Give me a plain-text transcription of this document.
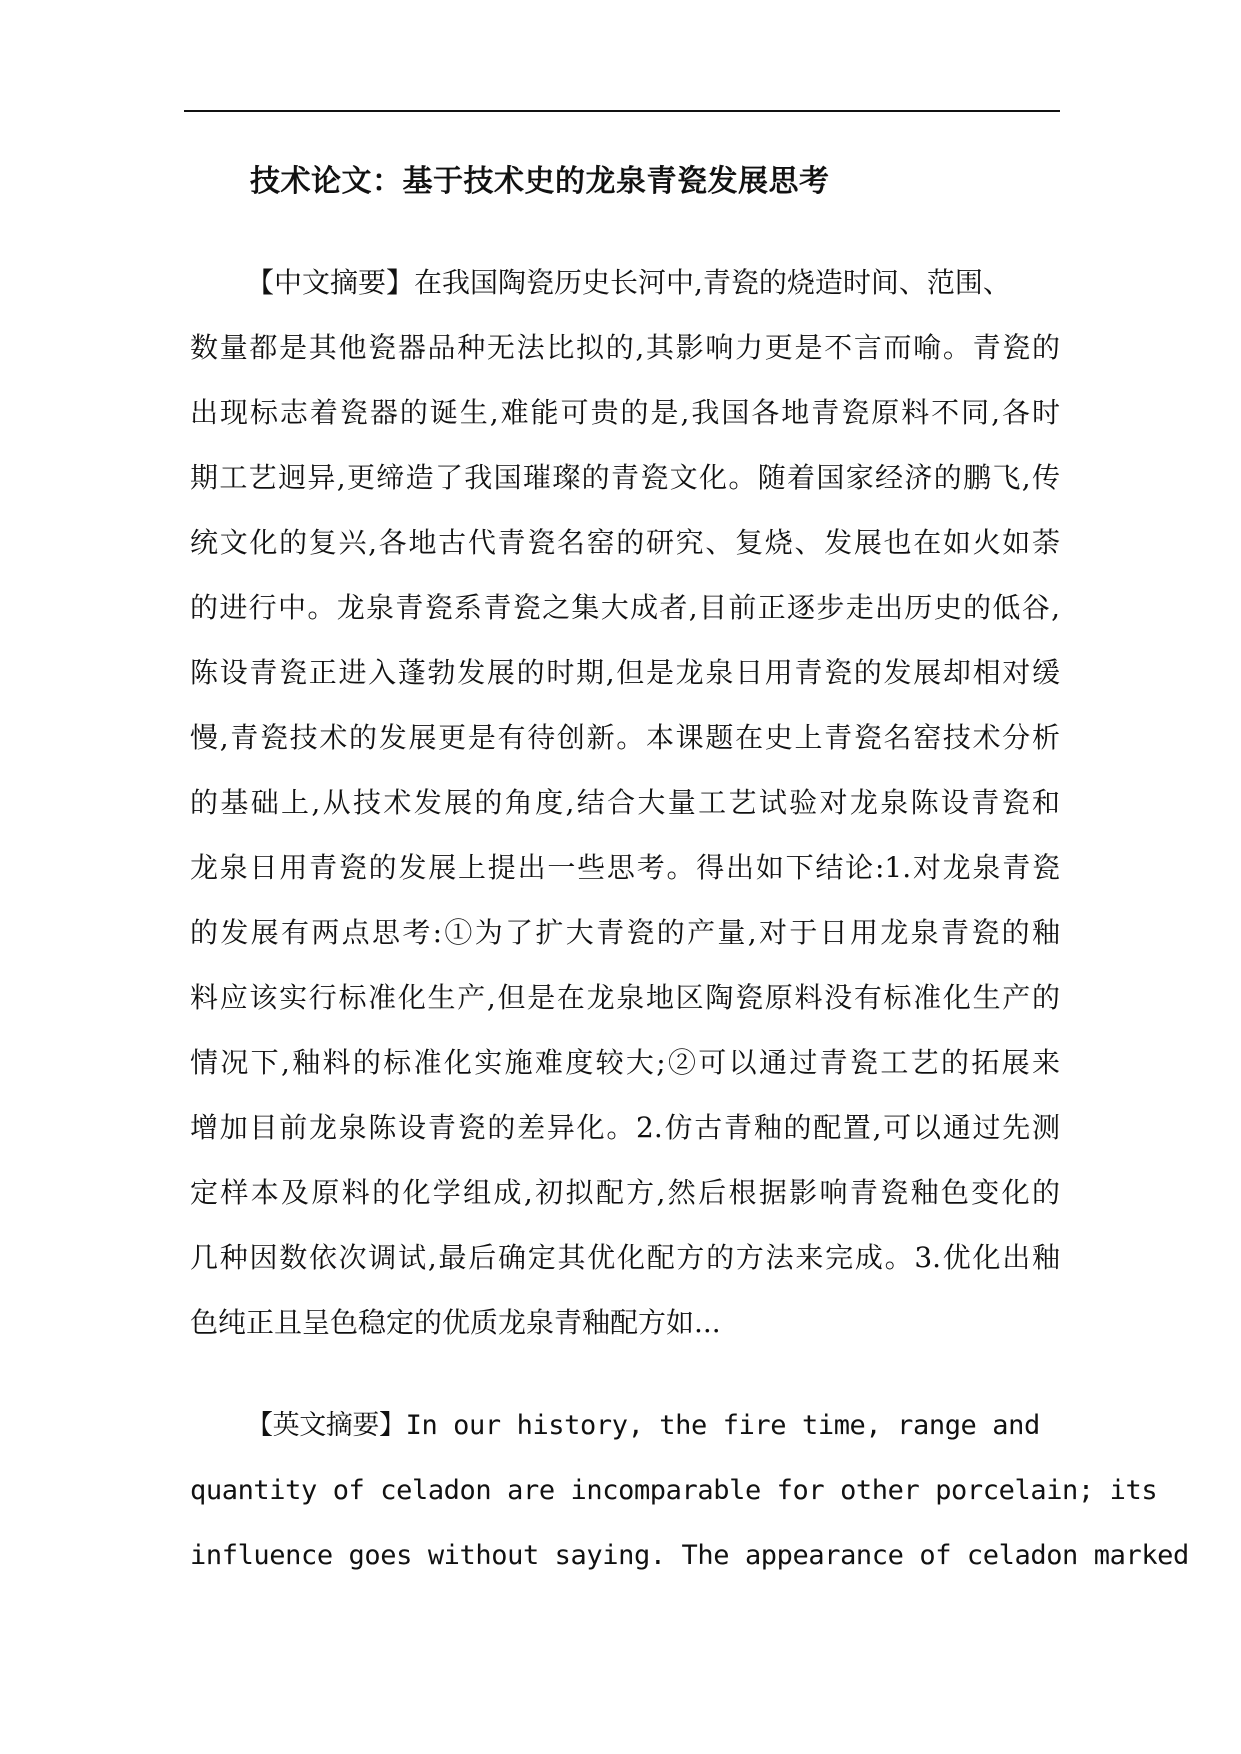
技术论文：基于技术史的龙泉青瓷发展思考
【中文摘要】在我国陶瓷历史长河中,青瓷的烧造时间、范围、
数量都是其他瓷器品种无法比拟的,其影响力更是不言而喻。青瓷的
出现标志着瓷器的诞生,难能可贵的是,我国各地青瓷原料不同,各时
期工艺迥异,更缔造了我国璀璨的青瓷文化。随着国家经济的鹏飞,传
统文化的复兴,各地古代青瓷名窑的研究、复烧、发展也在如火如荼
的进行中。龙泉青瓷系青瓷之集大成者,目前正逐步走出历史的低谷,
陈设青瓷正进入蓬勃发展的时期,但是龙泉日用青瓷的发展却相对缓
慢,青瓷技术的发展更是有待创新。本课题在史上青瓷名窑技术分析
的基础上,从技术发展的角度,结合大量工艺试验对龙泉陈设青瓷和
龙泉日用青瓷的发展上提出一些思考。得出如下结论:1.对龙泉青瓷
的发展有两点思考:①为了扩大青瓷的产量,对于日用龙泉青瓷的釉
料应该实行标准化生产,但是在龙泉地区陶瓷原料没有标准化生产的
情况下,釉料的标准化实施难度较大;②可以通过青瓷工艺的拓展来
增加目前龙泉陈设青瓷的差异化。2.仿古青釉的配置,可以通过先测
定样本及原料的化学组成,初拟配方,然后根据影响青瓷釉色变化的
几种因数依次调试,最后确定其优化配方的方法来完成。3.优化出釉
色纯正且呈色稳定的优质龙泉青釉配方如...
【英文摘要】In our history, the fire time, range and
quantity of celadon are incomparable for other porcelain; its
influence goes without saying. The appearance of celadon marked
